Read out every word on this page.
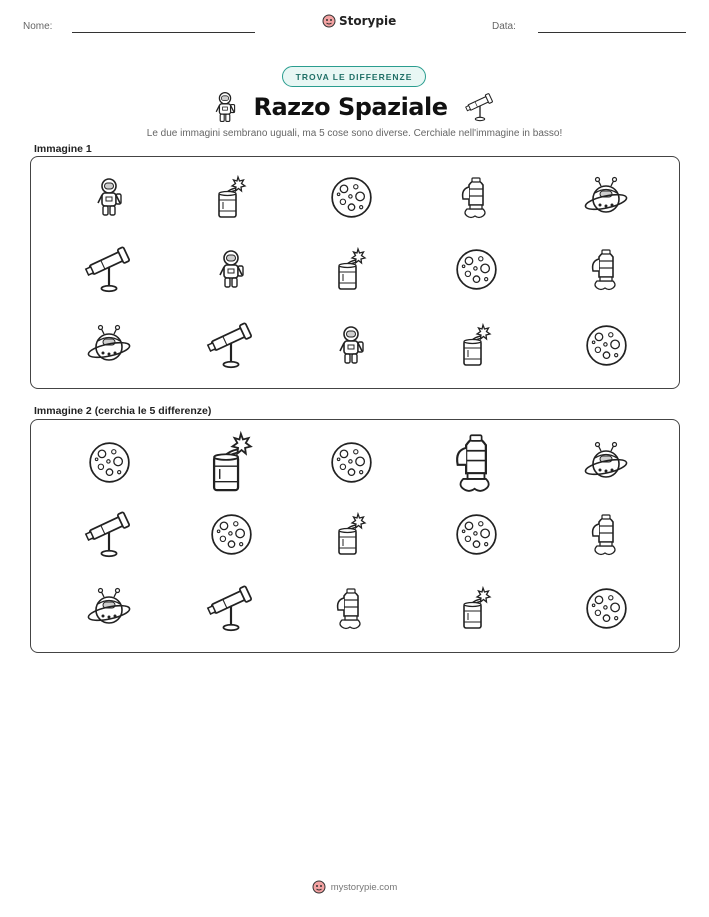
Nome:	Storypie	Data:
TROVA LE DIFFERENZE
Razzo Spaziale
Le due immagini sembrano uguali, ma 5 cose sono diverse. Cerchiale nell'immagine in basso!
Immagine 1
Immagine 2 (cerchia le 5 differenze)
mystorypie.com
